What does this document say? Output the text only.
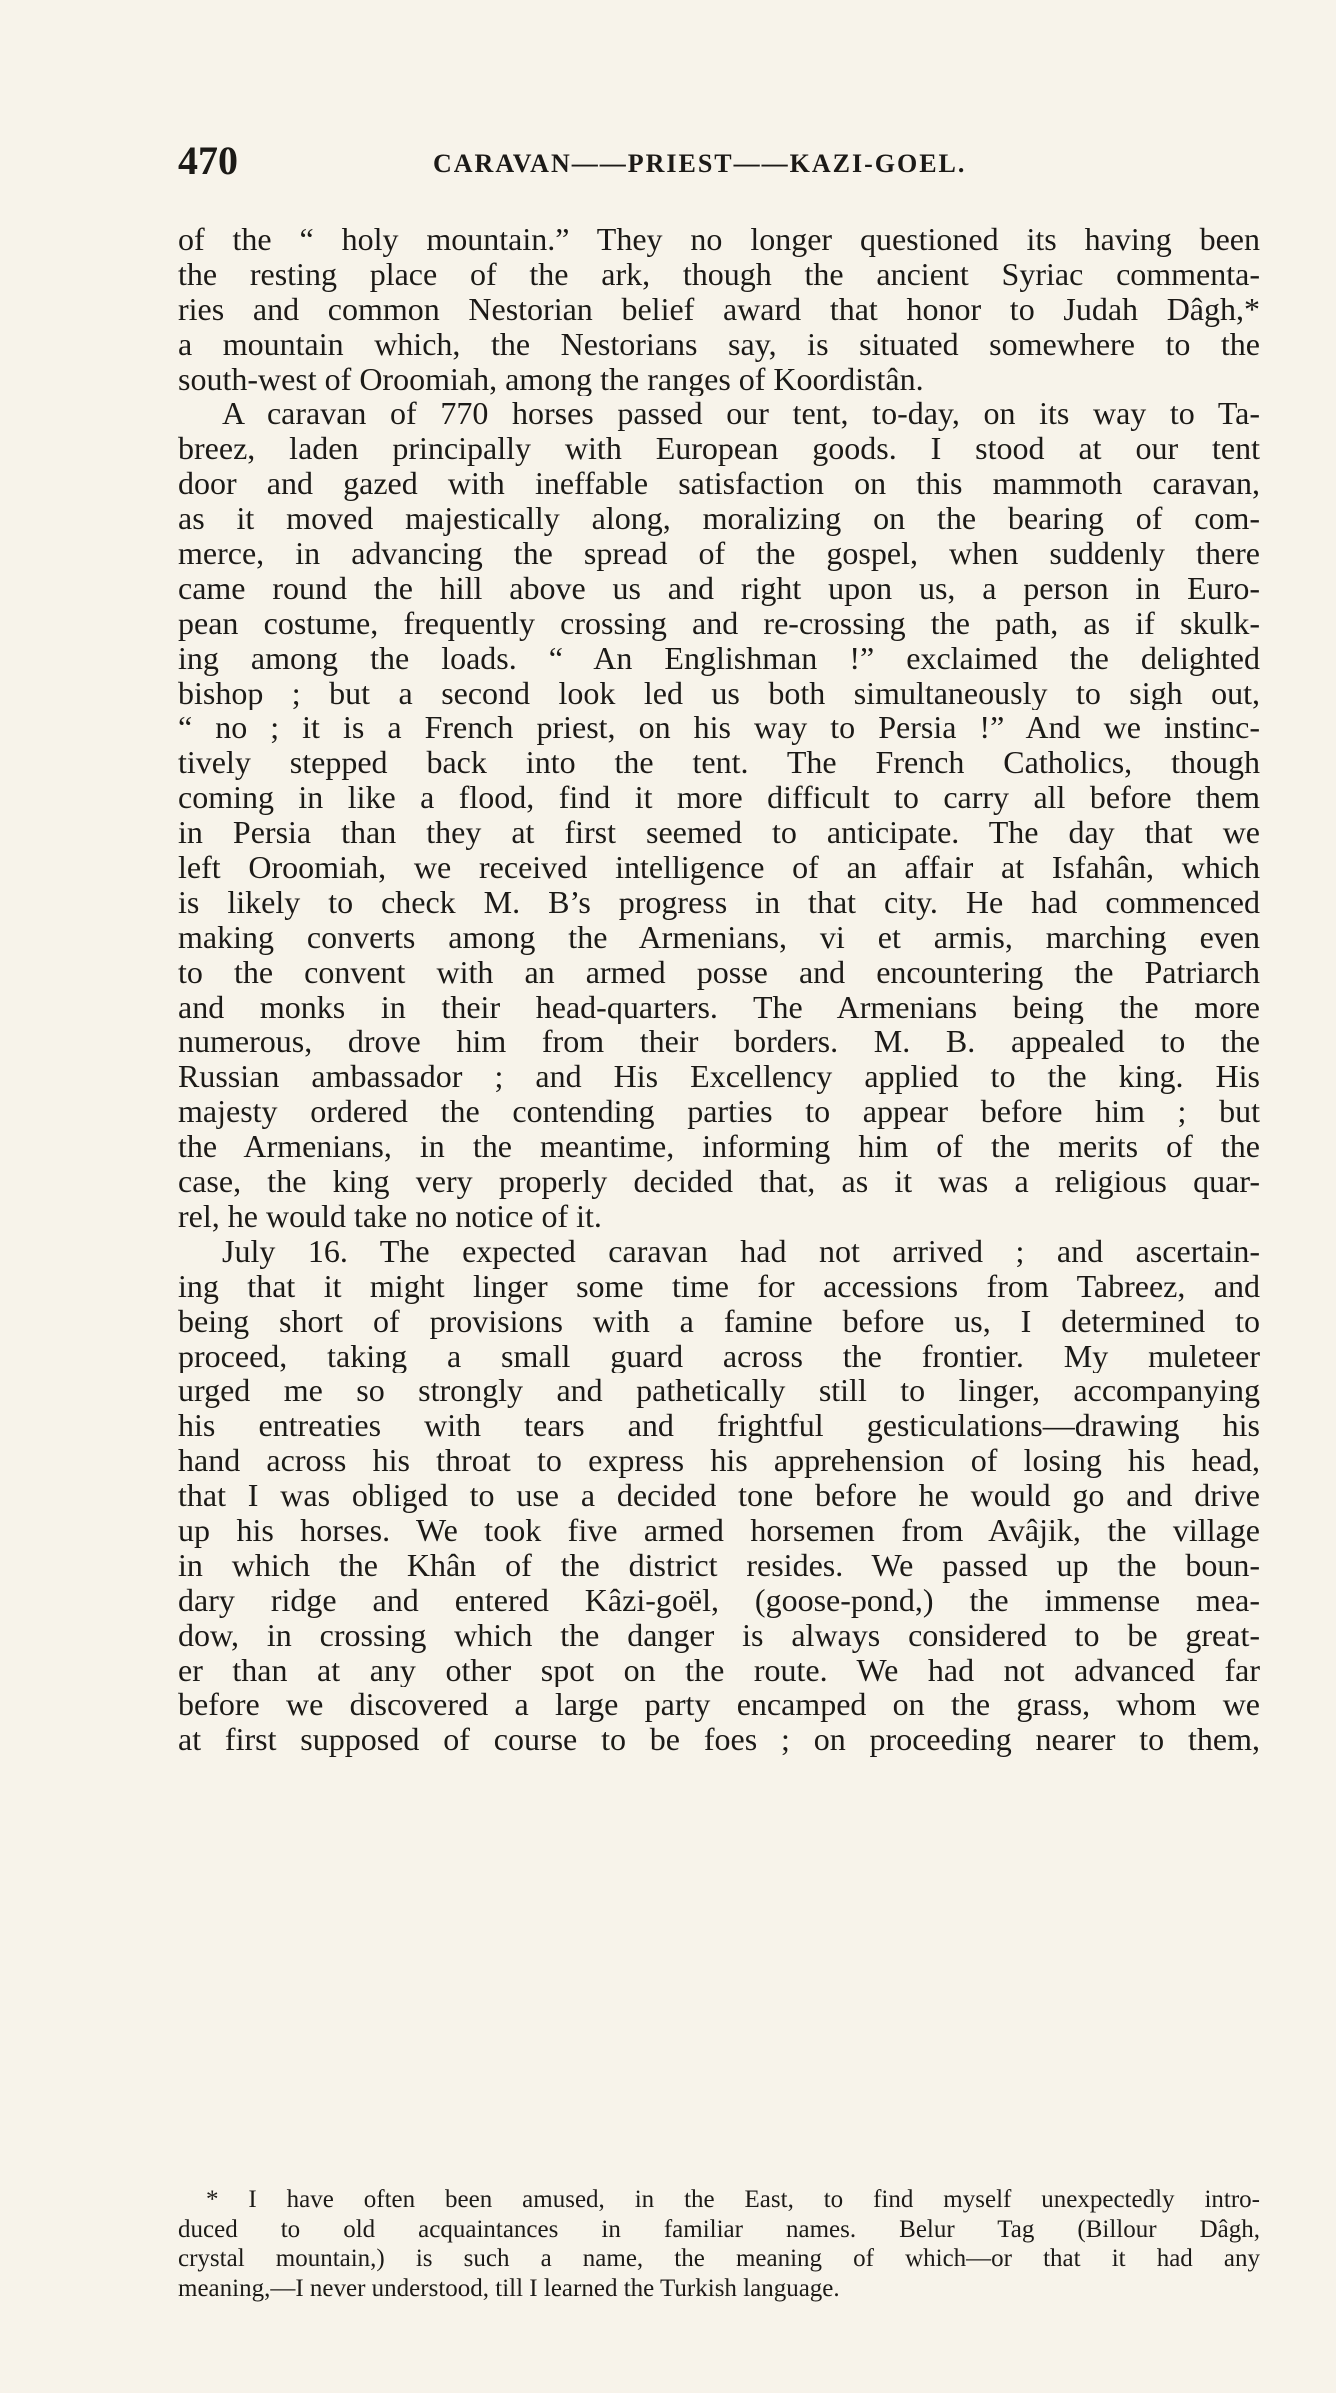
470	CARAVAN——PRIEST——KAZI-GOEL.
of the “ holy mountain.” They no longer questioned its having been
the resting place of the ark, though the ancient Syriac commenta-
ries and common Nestorian belief award that honor to Judah Dâgh,*
a mountain which, the Nestorians say, is situated somewhere to the
south-west of Oroomiah, among the ranges of Koordistân.
A caravan of 770 horses passed our tent, to-day, on its way to Ta-
breez, laden principally with European goods. I stood at our tent
door and gazed with ineffable satisfaction on this mammoth caravan,
as it moved majestically along, moralizing on the bearing of com-
merce, in advancing the spread of the gospel, when suddenly there
came round the hill above us and right upon us, a person in Euro-
pean costume, frequently crossing and re-crossing the path, as if skulk-
ing among the loads. “ An Englishman !” exclaimed the delighted
bishop ; but a second look led us both simultaneously to sigh out,
“ no ; it is a French priest, on his way to Persia !” And we instinc-
tively stepped back into the tent. The French Catholics, though
coming in like a flood, find it more difficult to carry all before them
in Persia than they at first seemed to anticipate. The day that we
left Oroomiah, we received intelligence of an affair at Isfahân, which
is likely to check M. B’s progress in that city. He had commenced
making converts among the Armenians, vi et armis, marching even
to the convent with an armed posse and encountering the Patriarch
and monks in their head-quarters. The Armenians being the more
numerous, drove him from their borders. M. B. appealed to the
Russian ambassador ; and His Excellency applied to the king. His
majesty ordered the contending parties to appear before him ; but
the Armenians, in the meantime, informing him of the merits of the
case, the king very properly decided that, as it was a religious quar-
rel, he would take no notice of it.
July 16. The expected caravan had not arrived ; and ascertain-
ing that it might linger some time for accessions from Tabreez, and
being short of provisions with a famine before us, I determined to
proceed, taking a small guard across the frontier. My muleteer
urged me so strongly and pathetically still to linger, accompanying
his entreaties with tears and frightful gesticulations—drawing his
hand across his throat to express his apprehension of losing his head,
that I was obliged to use a decided tone before he would go and drive
up his horses. We took five armed horsemen from Avâjik, the village
in which the Khân of the district resides. We passed up the boun-
dary ridge and entered Kâzi-goël, (goose-pond,) the immense mea-
dow, in crossing which the danger is always considered to be great-
er than at any other spot on the route. We had not advanced far
before we discovered a large party encamped on the grass, whom we
at first supposed of course to be foes ; on proceeding nearer to them,
* I have often been amused, in the East, to find myself unexpectedly intro-
duced to old acquaintances in familiar names. Belur Tag (Billour Dâgh,
crystal mountain,) is such a name, the meaning of which—or that it had any
meaning,—I never understood, till I learned the Turkish language.
